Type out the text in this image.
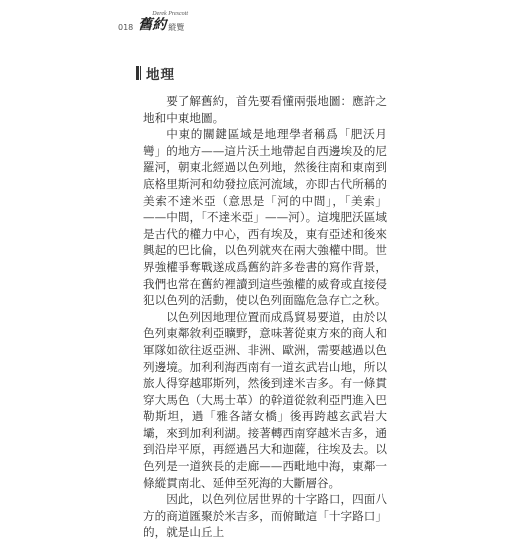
018
Derek Prescott
舊約 縱覽
地理

要了解舊約，首先要看懂兩張地圖：應許之地和中東地圖。

中東的關鍵區域是地理學者稱爲「肥沃月彎」的地方——這片沃土地帶起自西邊埃及的尼羅河，朝東北經過以色列地，然後往南和東南到底格里斯河和幼發拉底河流域，亦即古代所稱的美索不達米亞（意思是「河的中間」，「美索」——中間，「不達米亞」——河）。這塊肥沃區域是古代的權力中心，西有埃及，東有亞述和後來興起的巴比倫，以色列就夾在兩大強權中間。世界強權爭奪戰遂成爲舊約許多卷書的寫作背景，我們也常在舊約裡讀到這些強權的威脅或直接侵犯以色列的活動，使以色列面臨危急存亡之秋。

以色列因地理位置而成爲貿易要道，由於以色列東鄰敘利亞曠野，意味著從東方來的商人和軍隊如欲往返亞洲、非洲、歐洲，需要越過以色列邊境。加利利海西南有一道玄武岩山地，所以旅人得穿越耶斯列，然後到達米吉多。有一條貫穿大馬色（大馬士革）的幹道從敘利亞門進入巴勒斯坦，過「雅各諸女橋」後再跨越玄武岩大壩，來到加利利湖。接著轉西南穿越米吉多，通到沿岸平原，再經過呂大和迦薩，往埃及去。以色列是一道狹長的走廊——西毗地中海，東鄰一條縱貫南北、延伸至死海的大斷層谷。

因此，以色列位居世界的十字路口，四面八方的商道匯聚於米吉多，而俯瞰這「十字路口」的，就是山丘上
